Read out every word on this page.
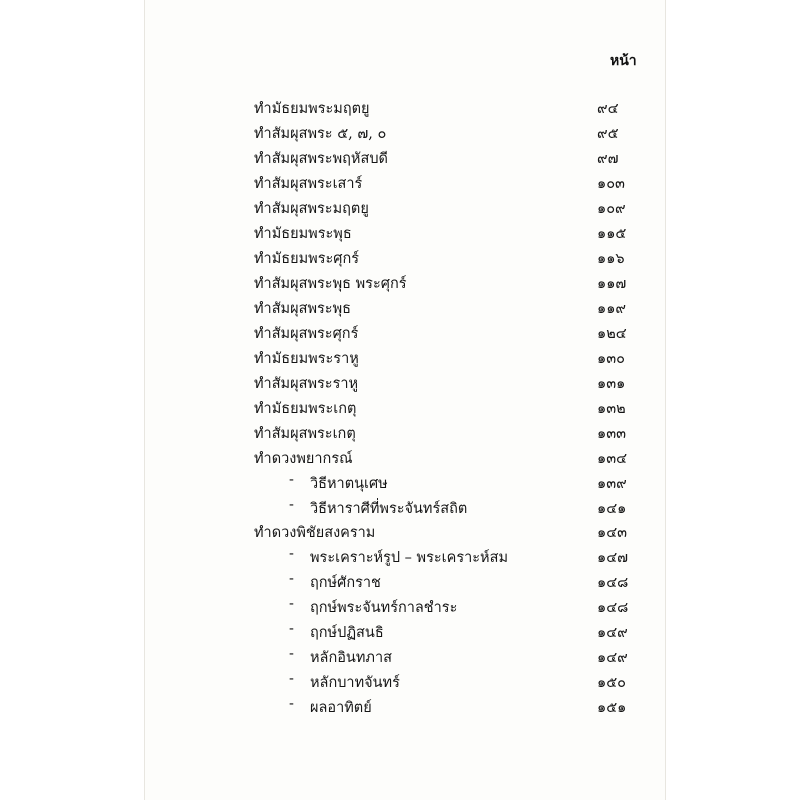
หน้า
ทำมัธยมพระมฤตยู	๙๔
ทำสัมผุสพระ ๕, ๗, ๐	๙๕
ทำสัมผุสพระพฤหัสบดี	๙๗
ทำสัมผุสพระเสาร์	๑๐๓
ทำสัมผุสพระมฤตยู	๑๐๙
ทำมัธยมพระพุธ	๑๑๕
ทำมัธยมพระศุกร์	๑๑๖
ทำสัมผุสพระพุธ พระศุกร์	๑๑๗
ทำสัมผุสพระพุธ	๑๑๙
ทำสัมผุสพระศุกร์	๑๒๔
ทำมัธยมพระราหู	๑๓๐
ทำสัมผุสพระราหู	๑๓๑
ทำมัธยมพระเกตุ	๑๓๒
ทำสัมผุสพระเกตุ	๑๓๓
ทำดวงพยากรณ์	๑๓๔
- วิธีหาตนุเศษ	๑๓๙
- วิธีหาราศีที่พระจันทร์สถิต	๑๔๑
ทำดวงพิชัยสงคราม	๑๔๓
- พระเคราะห์รูป – พระเคราะห์สม	๑๔๗
- ฤกษ์ศักราช	๑๔๘
- ฤกษ์พระจันทร์กาลชำระ	๑๔๘
- ฤกษ์ปฏิสนธิ	๑๔๙
- หลักอินทภาส	๑๔๙
- หลักบาทจันทร์	๑๕๐
- ผลอาทิตย์	๑๕๑
